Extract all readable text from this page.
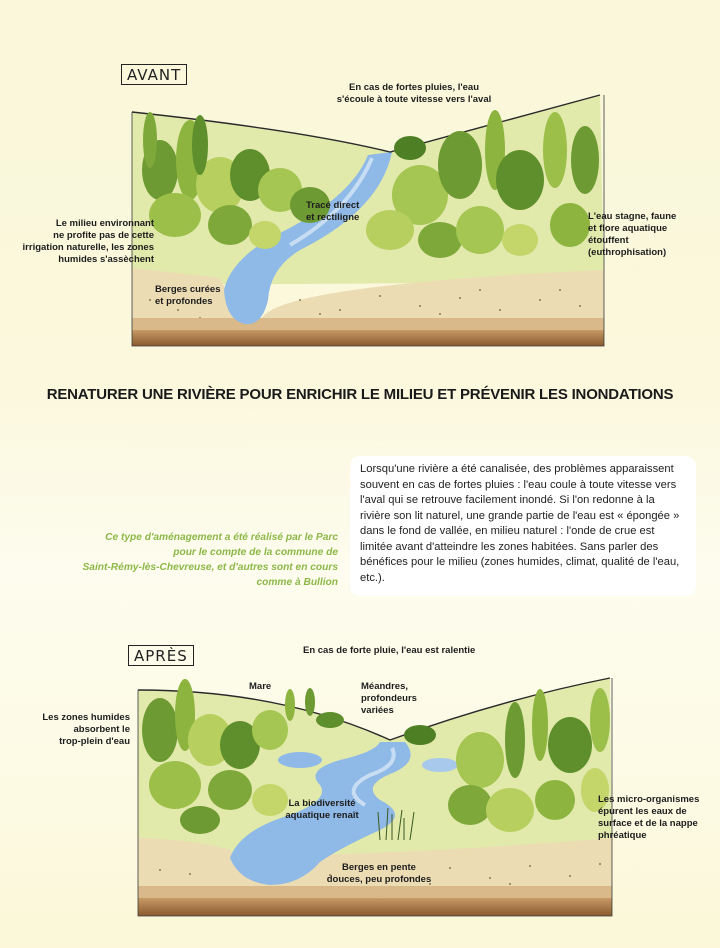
AVANT
En cas de fortes pluies, l'eau
s'écoule à toute vitesse vers l'aval
Le milieu environnant
ne profite pas de cette
irrigation naturelle, les zones
humides s'assèchent
Tracé direct
et rectiligne	L'eau stagne, faune
et flore aquatique
étouffent
(euthrophisation)
Berges curées
et profondes
RENATURER UNE RIVIÈRE POUR ENRICHIR LE MILIEU ET PRÉVENIR LES INONDATIONS
Ce type d'aménagement a été réalisé par le Parc
pour le compte de la commune de
Saint-Rémy-lès-Chevreuse, et d'autres sont en cours
comme à Bullion
Lorsqu'une rivière a été canalisée, des problèmes apparaissent souvent en cas de fortes pluies : l'eau coule à toute vitesse vers l'aval qui se retrouve facilement inondé. Si l'on redonne à la rivière son lit naturel, une grande partie de l'eau est « épongée » dans le fond de vallée, en milieu naturel : l'onde de crue est limitée avant d'atteindre les zones habitées. Sans parler des bénéfices pour le milieu (zones humides, climat, qualité de l'eau, etc.).
APRÈS	En cas de forte pluie, l'eau est ralentie
Mare	Méandres,
profondeurs
variées
Les zones humides
absorbent le
trop-plein d'eau
La biodiversité
aquatique renaît
Les micro-organismes
épurent les eaux de
surface et de la nappe
phréatique
Berges en pente
douces, peu profondes
